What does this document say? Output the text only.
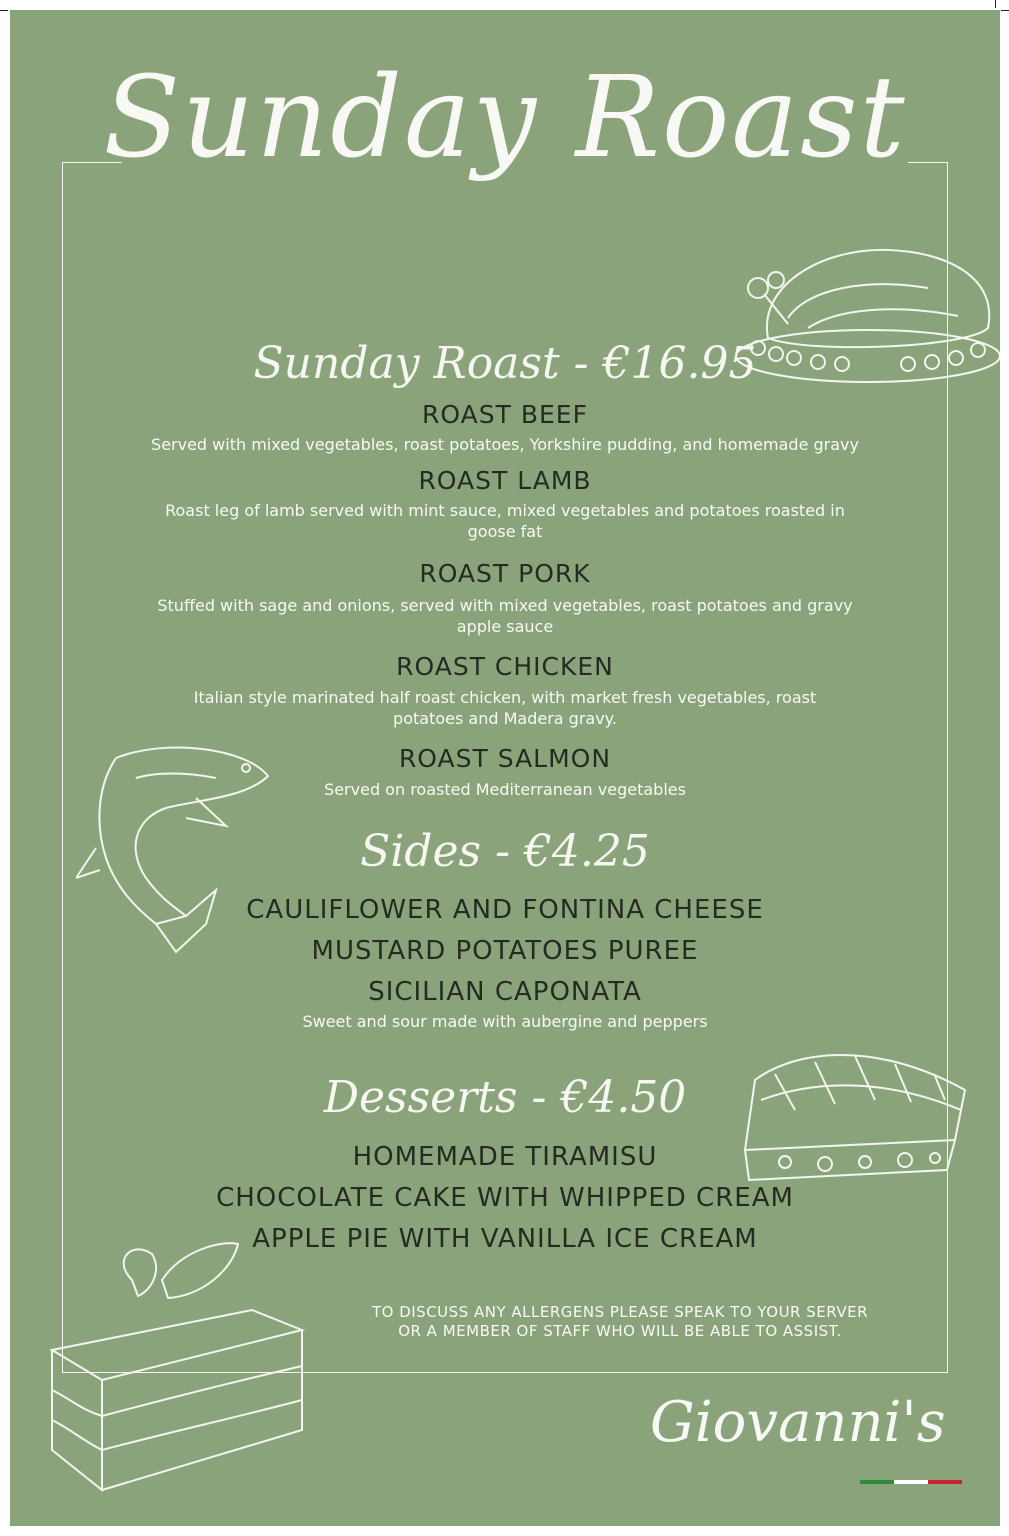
Sunday Roast
Sunday Roast - €16.95
ROAST BEEF
Served with mixed vegetables, roast potatoes, Yorkshire pudding, and homemade gravy
ROAST LAMB
Roast leg of lamb served with mint sauce, mixed vegetables and potatoes roasted in goose fat
ROAST PORK
Stuffed with sage and onions, served with mixed vegetables, roast potatoes and gravy apple sauce
ROAST CHICKEN
Italian style marinated half roast chicken, with market fresh vegetables, roast potatoes and Madera gravy.
ROAST SALMON
Served on roasted Mediterranean vegetables
Sides - €4.25
CAULIFLOWER AND FONTINA CHEESE
MUSTARD POTATOES PUREE
SICILIAN CAPONATA
Sweet and sour made with aubergine and peppers
Desserts - €4.50
HOMEMADE TIRAMISU
CHOCOLATE CAKE WITH WHIPPED CREAM
APPLE PIE WITH VANILLA ICE CREAM
TO DISCUSS ANY ALLERGENS PLEASE SPEAK TO YOUR SERVER
OR A MEMBER OF STAFF WHO WILL BE ABLE TO ASSIST.
Giovanni's
